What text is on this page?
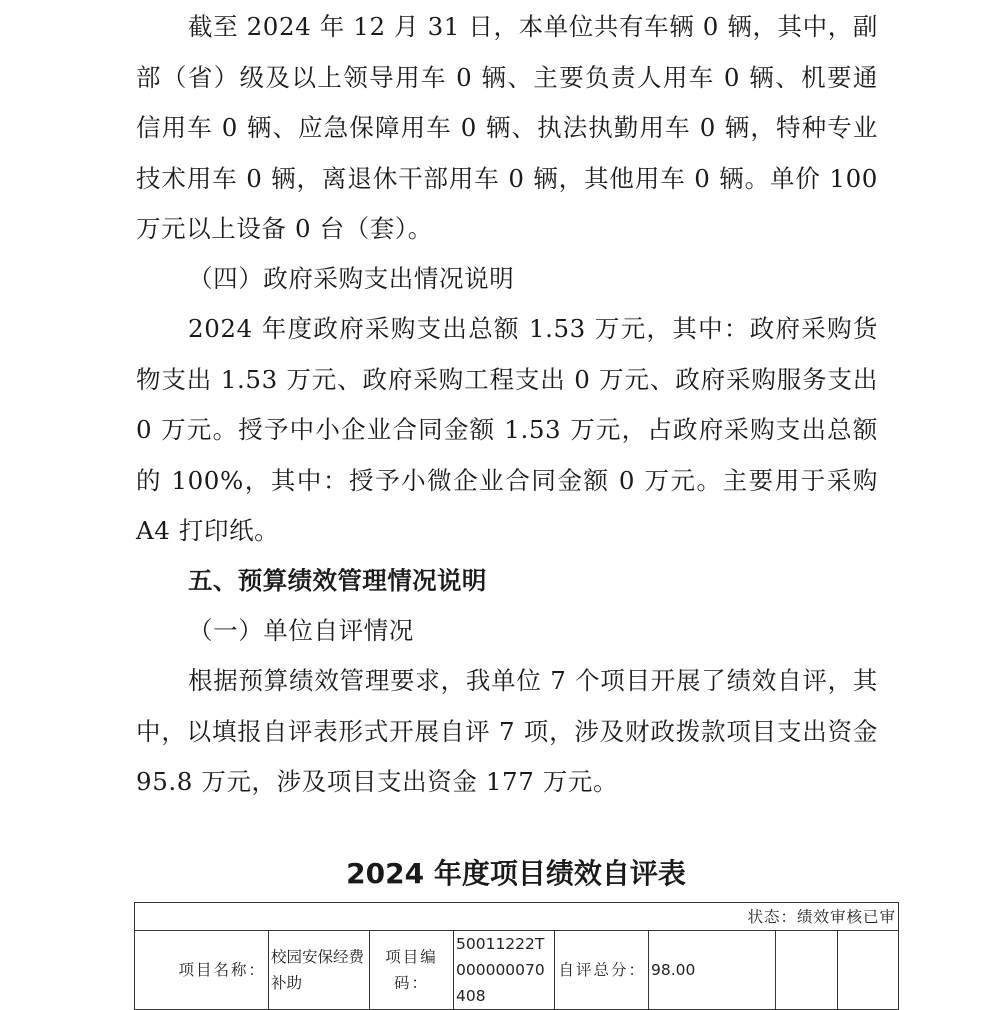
截至 2024 年 12 月 31 日，本单位共有车辆 0 辆，其中，副部（省）级及以上领导用车 0 辆、主要负责人用车 0 辆、机要通信用车 0 辆、应急保障用车 0 辆、执法执勤用车 0 辆，特种专业技术用车 0 辆，离退休干部用车 0 辆，其他用车 0 辆。单价 100 万元以上设备 0 台（套）。

（四）政府采购支出情况说明

2024 年度政府采购支出总额 1.53 万元，其中：政府采购货物支出 1.53 万元、政府采购工程支出 0 万元、政府采购服务支出 0 万元。授予中小企业合同金额 1.53 万元，占政府采购支出总额的 100%，其中：授予小微企业合同金额 0 万元。主要用于采购 A4 打印纸。

五、预算绩效管理情况说明

（一）单位自评情况

根据预算绩效管理要求，我单位 7 个项目开展了绩效自评，其中，以填报自评表形式开展自评 7 项，涉及财政拨款项目支出资金 95.8 万元，涉及项目支出资金 177 万元。

2024 年度项目绩效自评表

状态：绩效审核已审
项目名称：	校园安保经费补助	项目编码：	50011222T000000070408	自评总分：	98.00		
